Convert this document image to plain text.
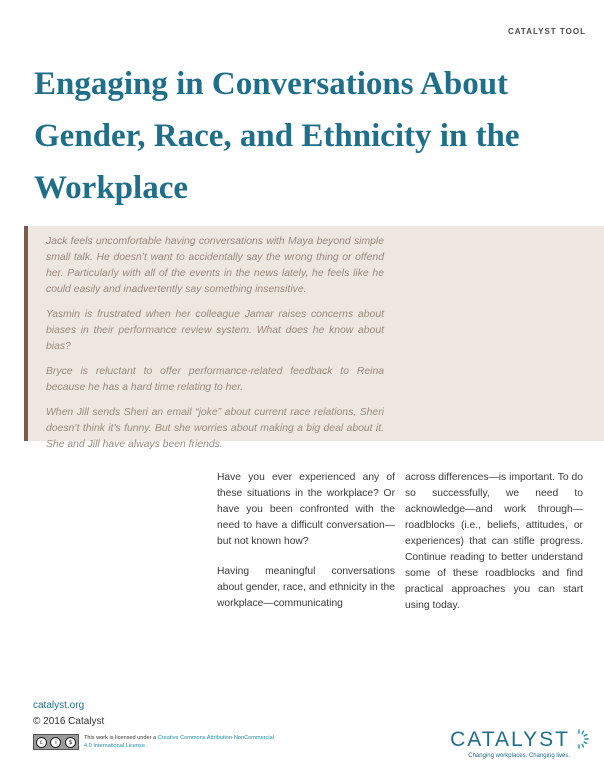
CATALYST TOOL
Engaging in Conversations About Gender, Race, and Ethnicity in the Workplace

Jack feels uncomfortable having conversations with Maya beyond simple small talk. He doesn’t want to accidentally say the wrong thing or offend her. Particularly with all of the events in the news lately, he feels like he could easily and inadvertently say something insensitive.

Yasmin is frustrated when her colleague Jamar raises concerns about biases in their performance review system. What does he know about bias?

Bryce is reluctant to offer performance-related feedback to Reina because he has a hard time relating to her.

When Jill sends Sheri an email “joke” about current race relations, Sheri doesn’t think it’s funny. But she worries about making a big deal about it. She and Jill have always been friends.

Have you ever experienced any of these situations in the workplace? Or have you been confronted with the need to have a difficult conversation—but not known how?

Having meaningful conversations about gender, race, and ethnicity in the workplace—communicating

across differences—is important. To do so successfully, we need to acknowledge—and work through—roadblocks (i.e., beliefs, attitudes, or experiences) that can stifle progress. Continue reading to better understand some of these roadblocks and find practical approaches you can start using today.

catalyst.org
© 2016 Catalyst
c	i	$
This work is licensed under a Creative Commons Attribution-NonCommercial 4.0 International License.	CATALYST
Changing workplaces. Changing lives.
